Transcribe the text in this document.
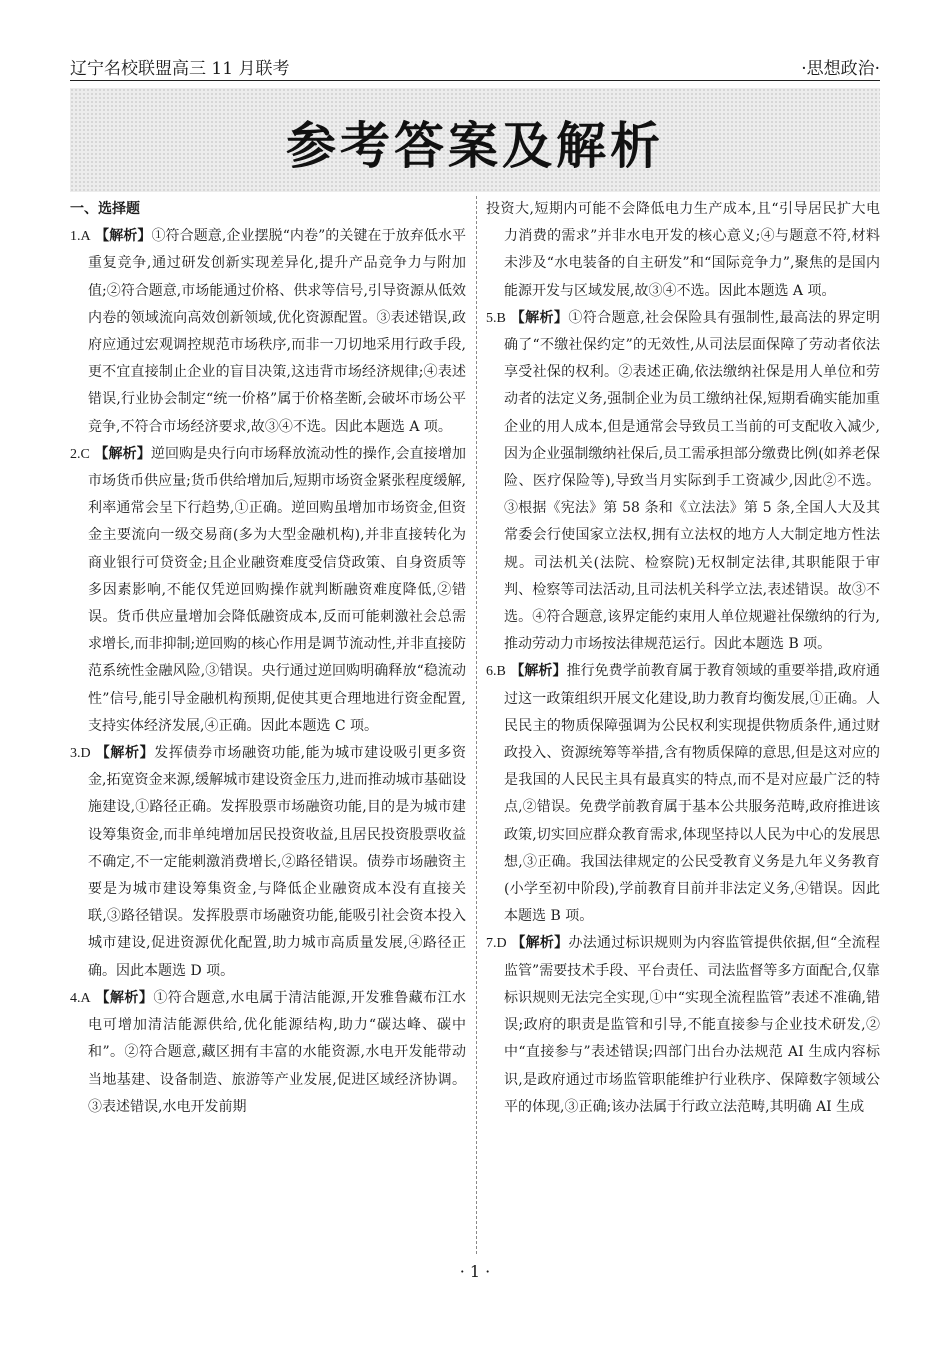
辽宁名校联盟高三 11 月联考	·思想政治·
参考答案及解析
一、选择题

1.A 【解析】①符合题意,企业摆脱“内卷”的关键在于放弃低水平重复竞争,通过研发创新实现差异化,提升产品竞争力与附加值;②符合题意,市场能通过价格、供求等信号,引导资源从低效内卷的领域流向高效创新领域,优化资源配置。③表述错误,政府应通过宏观调控规范市场秩序,而非一刀切地采用行政手段,更不宜直接制止企业的盲目决策,这违背市场经济规律;④表述错误,行业协会制定“统一价格”属于价格垄断,会破坏市场公平竞争,不符合市场经济要求,故③④不选。因此本题选 A 项。

2.C 【解析】逆回购是央行向市场释放流动性的操作,会直接增加市场货币供应量;货币供给增加后,短期市场资金紧张程度缓解,利率通常会呈下行趋势,①正确。逆回购虽增加市场资金,但资金主要流向一级交易商(多为大型金融机构),并非直接转化为商业银行可贷资金;且企业融资难度受信贷政策、自身资质等多因素影响,不能仅凭逆回购操作就判断融资难度降低,②错误。货币供应量增加会降低融资成本,反而可能刺激社会总需求增长,而非抑制;逆回购的核心作用是调节流动性,并非直接防范系统性金融风险,③错误。央行通过逆回购明确释放“稳流动性”信号,能引导金融机构预期,促使其更合理地进行资金配置,支持实体经济发展,④正确。因此本题选 C 项。

3.D 【解析】发挥债券市场融资功能,能为城市建设吸引更多资金,拓宽资金来源,缓解城市建设资金压力,进而推动城市基础设施建设,①路径正确。发挥股票市场融资功能,目的是为城市建设筹集资金,而非单纯增加居民投资收益,且居民投资股票收益不确定,不一定能刺激消费增长,②路径错误。债券市场融资主要是为城市建设筹集资金,与降低企业融资成本没有直接关联,③路径错误。发挥股票市场融资功能,能吸引社会资本投入城市建设,促进资源优化配置,助力城市高质量发展,④路径正确。因此本题选 D 项。

4.A 【解析】①符合题意,水电属于清洁能源,开发雅鲁藏布江水电可增加清洁能源供给,优化能源结构,助力“碳达峰、碳中和”。②符合题意,藏区拥有丰富的水能资源,水电开发能带动当地基建、设备制造、旅游等产业发展,促进区域经济协调。③表述错误,水电开发前期

投资大,短期内可能不会降低电力生产成本,且“引导居民扩大电力消费的需求”并非水电开发的核心意义;④与题意不符,材料未涉及“水电装备的自主研发”和“国际竞争力”,聚焦的是国内能源开发与区域发展,故③④不选。因此本题选 A 项。

5.B 【解析】①符合题意,社会保险具有强制性,最高法的界定明确了“不缴社保约定”的无效性,从司法层面保障了劳动者依法享受社保的权利。②表述正确,依法缴纳社保是用人单位和劳动者的法定义务,强制企业为员工缴纳社保,短期看确实能加重企业的用人成本,但是通常会导致员工当前的可支配收入减少,因为企业强制缴纳社保后,员工需承担部分缴费比例(如养老保险、医疗保险等),导致当月实际到手工资减少,因此②不选。③根据《宪法》第 58 条和《立法法》第 5 条,全国人大及其常委会行使国家立法权,拥有立法权的地方人大制定地方性法规。司法机关(法院、检察院)无权制定法律,其职能限于审判、检察等司法活动,且司法机关科学立法,表述错误。故③不选。④符合题意,该界定能约束用人单位规避社保缴纳的行为,推动劳动力市场按法律规范运行。因此本题选 B 项。

6.B 【解析】推行免费学前教育属于教育领域的重要举措,政府通过这一政策组织开展文化建设,助力教育均衡发展,①正确。人民民主的物质保障强调为公民权利实现提供物质条件,通过财政投入、资源统筹等举措,含有物质保障的意思,但是这对应的是我国的人民民主具有最真实的特点,而不是对应最广泛的特点,②错误。免费学前教育属于基本公共服务范畴,政府推进该政策,切实回应群众教育需求,体现坚持以人民为中心的发展思想,③正确。我国法律规定的公民受教育义务是九年义务教育(小学至初中阶段),学前教育目前并非法定义务,④错误。因此本题选 B 项。

7.D 【解析】办法通过标识规则为内容监管提供依据,但“全流程监管”需要技术手段、平台责任、司法监督等多方面配合,仅靠标识规则无法完全实现,①中“实现全流程监管”表述不准确,错误;政府的职责是监管和引导,不能直接参与企业技术研发,②中“直接参与”表述错误;四部门出台办法规范 AI 生成内容标识,是政府通过市场监管职能维护行业秩序、保障数字领域公平的体现,③正确;该办法属于行政立法范畴,其明确 AI 生成

· 1 ·
